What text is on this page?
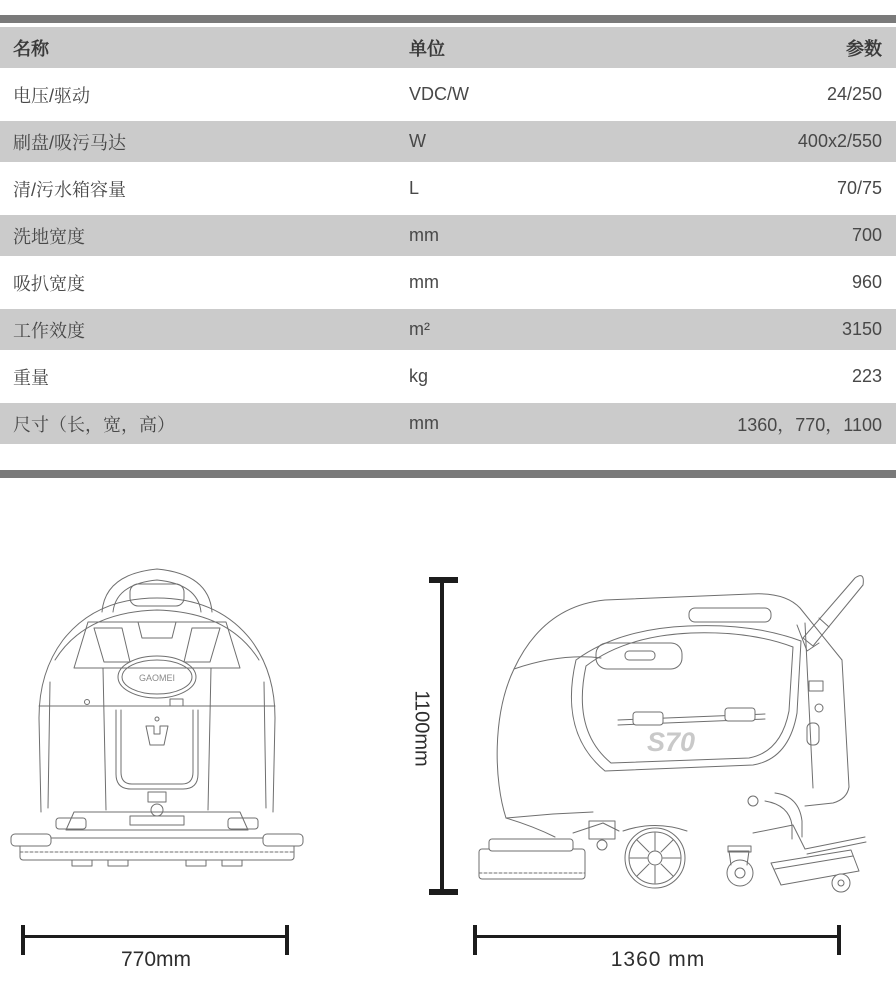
名称	单位	参数
电压/驱动	VDC/W	24/250
刷盘/吸污马达	W	400x2/550
清/污水箱容量	L	70/75
洗地宽度	mm	700
吸扒宽度	mm	960
工作效度	m²	3150
重量	kg	223
尺寸（长，宽，高）	mm	1360，770，1100
GAOMEI
S70
1100mm
770mm	1360 mm
